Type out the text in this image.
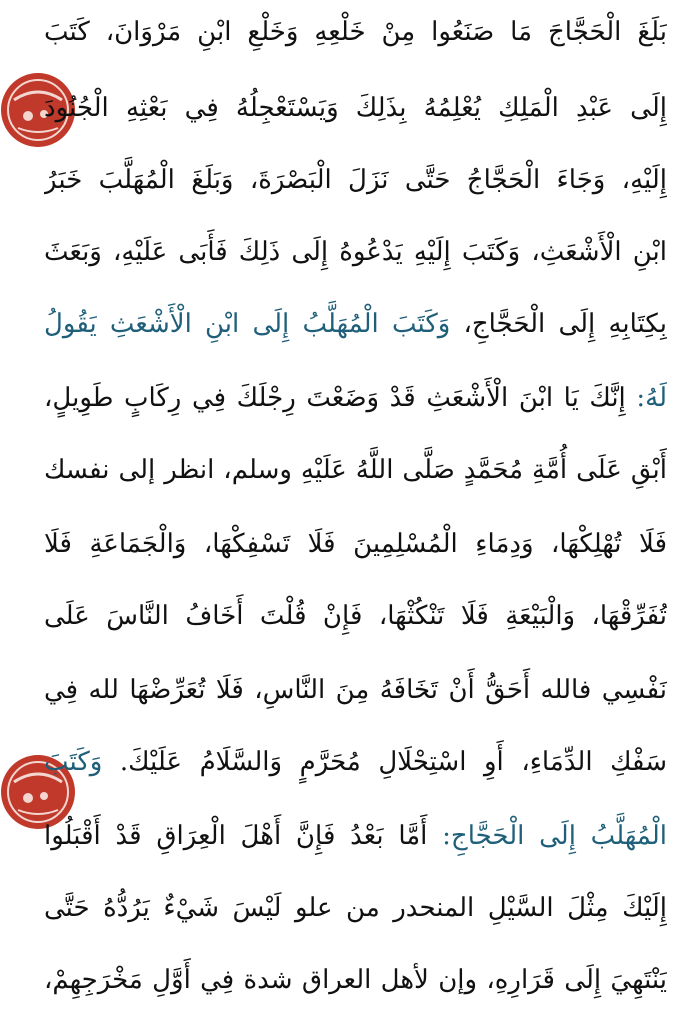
بَلَغَ الْحَجَّاجَ مَا صَنَعُوا مِنْ خَلْعِهِ وَخَلْعِ ابْنِ مَرْوَانَ، كَتَبَ
إِلَى عَبْدِ الْمَلِكِ يُعْلِمُهُ بِذَلِكَ وَيَسْتَعْجِلُهُ فِي بَعْثِهِ الْجُنُودَ
إِلَيْهِ، وَجَاءَ الْحَجَّاجُ حَتَّى نَزَلَ الْبَصْرَةَ، وَبَلَغَ الْمُهَلَّبَ خَبَرُ
ابْنِ الْأَشْعَثِ، وَكَتَبَ إِلَيْهِ يَدْعُوهُ إِلَى ذَلِكَ فَأَبَى عَلَيْهِ، وَبَعَثَ
بِكِتَابِهِ إِلَى الْحَجَّاجِ، وَكَتَبَ الْمُهَلَّبُ إِلَى ابْنِ الْأَشْعَثِ يَقُولُ
لَهُ: إِنَّكَ يَا ابْنَ الْأَشْعَثِ قَدْ وَضَعْتَ رِجْلَكَ فِي رِكَابٍ طَوِيلٍ،
أَبْقِ عَلَى أُمَّةِ مُحَمَّدٍ صَلَّى اللَّهُ عَلَيْهِ وسلم، انظر إلى نفسك
فَلَا تُهْلِكْهَا، وَدِمَاءِ الْمُسْلِمِينَ فَلَا تَسْفِكْهَا، وَالْجَمَاعَةِ فَلَا
تُفَرِّقْهَا، وَالْبَيْعَةِ فَلَا تَنْكُثْهَا، فَإِنْ قُلْتَ أَخَافُ النَّاسَ عَلَى
نَفْسِي فالله أَحَقُّ أَنْ تَخَافَهُ مِنَ النَّاسِ، فَلَا تُعَرِّضْهَا لله فِي
سَفْكِ الدِّمَاءِ، أَوِ اسْتِحْلَالِ مُحَرَّمٍ وَالسَّلَامُ عَلَيْكَ. وَكَتَبَ
الْمُهَلَّبُ إِلَى الْحَجَّاجِ: أَمَّا بَعْدُ فَإِنَّ أَهْلَ الْعِرَاقِ قَدْ أَقْبَلُوا
إِلَيْكَ مِثْلَ السَّيْلِ المنحدر من علو لَيْسَ شَيْءٌ يَرُدُّهُ حَتَّى
يَنْتَهِيَ إِلَى قَرَارِهِ، وإن لأهل العراق شدة فِي أَوَّلِ مَخْرَجِهِمْ،
